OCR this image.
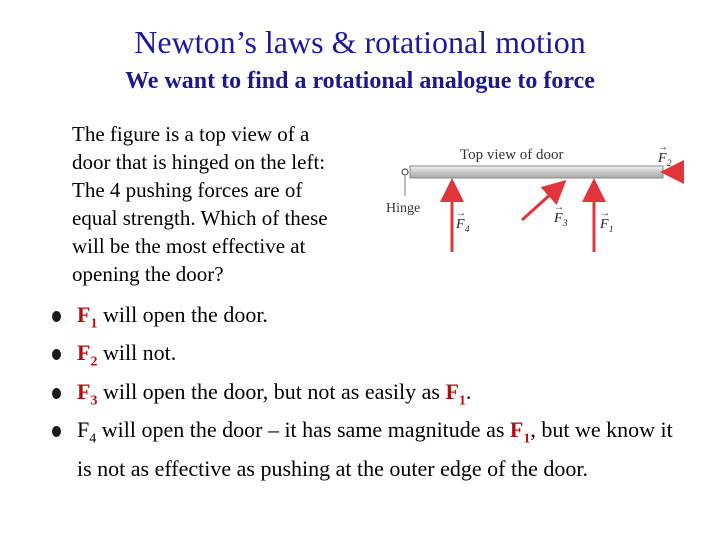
Newton’s laws & rotational motion
We want to find a rotational analogue to force
The figure is a top view of a
door that is hinged on the left:
The 4 pushing forces are of
equal strength. Which of these
will be the most effective at
opening the door?
Top view of door
Hinge
F 4
→	F 3
→
F 1
→
F 2
→
$F_1$ will open the door.
$F_2$ will not.
$F_3$ will open the door, but not as easily as $F_1$.
$F_4$ will open the door – it has same magnitude as $F_1$, but we know it is not as effective as pushing at the outer edge of the door.
